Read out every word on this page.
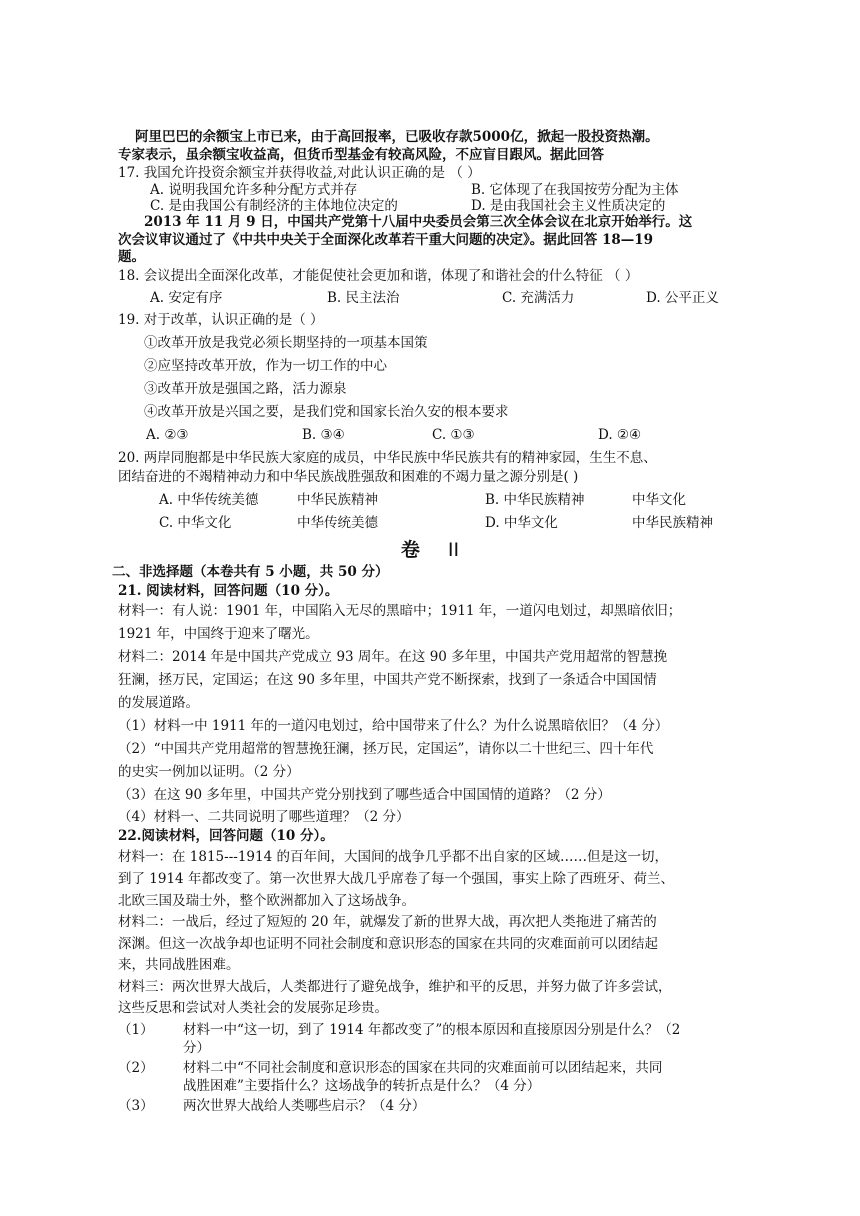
阿里巴巴的余额宝上市已来，由于高回报率，已吸收存款5000亿，掀起一股投资热潮。
专家表示，虽余额宝收益高，但货币型基金有较高风险，不应盲目跟风。据此回答
17. 我国允许投资余额宝并获得收益,对此认识正确的是 （ ）
A. 说明我国允许多种分配方式并存	B. 它体现了在我国按劳分配为主体
C. 是由我国公有制经济的主体地位决定的	D. 是由我国社会主义性质决定的
2013 年 11 月 9 日，中国共产党第十八届中央委员会第三次全体会议在北京开始举行。这
次会议审议通过了《中共中央关于全面深化改革若干重大问题的决定》。据此回答 18—19
题。
18. 会议提出全面深化改革，才能促使社会更加和谐，体现了和谐社会的什么特征 （ ）
A. 安定有序	B. 民主法治	C. 充满活力	D. 公平正义
19. 对于改革，认识正确的是（ ）
①改革开放是我党必须长期坚持的一项基本国策
②应坚持改革开放，作为一切工作的中心
③改革开放是强国之路，活力源泉
④改革开放是兴国之要，是我们党和国家长治久安的根本要求
A. ②③	B. ③④	C. ①③	D. ②④
20. 两岸同胞都是中华民族大家庭的成员，中华民族中华民族共有的精神家园，生生不息、
团结奋进的不竭精神动力和中华民族战胜强敌和困难的不竭力量之源分别是( )
A. 中华传统美德	中华民族精神	B. 中华民族精神	中华文化
C. 中华文化	中华传统美德	D. 中华文化	中华民族精神
卷 II
二、非选择题（本卷共有 5 小题，共 50 分）
21. 阅读材料，回答问题（10 分）。
材料一：有人说：1901 年，中国陷入无尽的黑暗中；1911 年，一道闪电划过，却黑暗依旧；
1921 年，中国终于迎来了曙光。
材料二：2014 年是中国共产党成立 93 周年。在这 90 多年里，中国共产党用超常的智慧挽
狂澜，拯万民，定国运；在这 90 多年里，中国共产党不断探索，找到了一条适合中国国情
的发展道路。
（1）材料一中 1911 年的一道闪电划过，给中国带来了什么？为什么说黑暗依旧？（4 分）
（2）“中国共产党用超常的智慧挽狂澜，拯万民，定国运”，请你以二十世纪三、四十年代
的史实一例加以证明。（2 分）
（3）在这 90 多年里，中国共产党分别找到了哪些适合中国国情的道路？（2 分）
（4）材料一、二共同说明了哪些道理？（2 分）
22.阅读材料，回答问题（10 分）。
材料一：在 1815---1914 的百年间，大国间的战争几乎都不出自家的区域‥‥‥但是这一切，
到了 1914 年都改变了。第一次世界大战几乎席卷了每一个强国，事实上除了西班牙、荷兰、
北欧三国及瑞士外，整个欧洲都加入了这场战争。
材料二：一战后，经过了短短的 20 年，就爆发了新的世界大战，再次把人类拖进了痛苦的
深渊。但这一次战争却也证明不同社会制度和意识形态的国家在共同的灾难面前可以团结起
来，共同战胜困难。
材料三：两次世界大战后，人类都进行了避免战争，维护和平的反思，并努力做了许多尝试，
这些反思和尝试对人类社会的发展弥足珍贵。
（1） 材料一中“这一切，到了 1914 年都改变了”的根本原因和直接原因分别是什么？（2
分）
（2） 材料二中“不同社会制度和意识形态的国家在共同的灾难面前可以团结起来，共同
战胜困难”主要指什么？这场战争的转折点是什么？（4 分）
（3） 两次世界大战给人类哪些启示？（4 分）
